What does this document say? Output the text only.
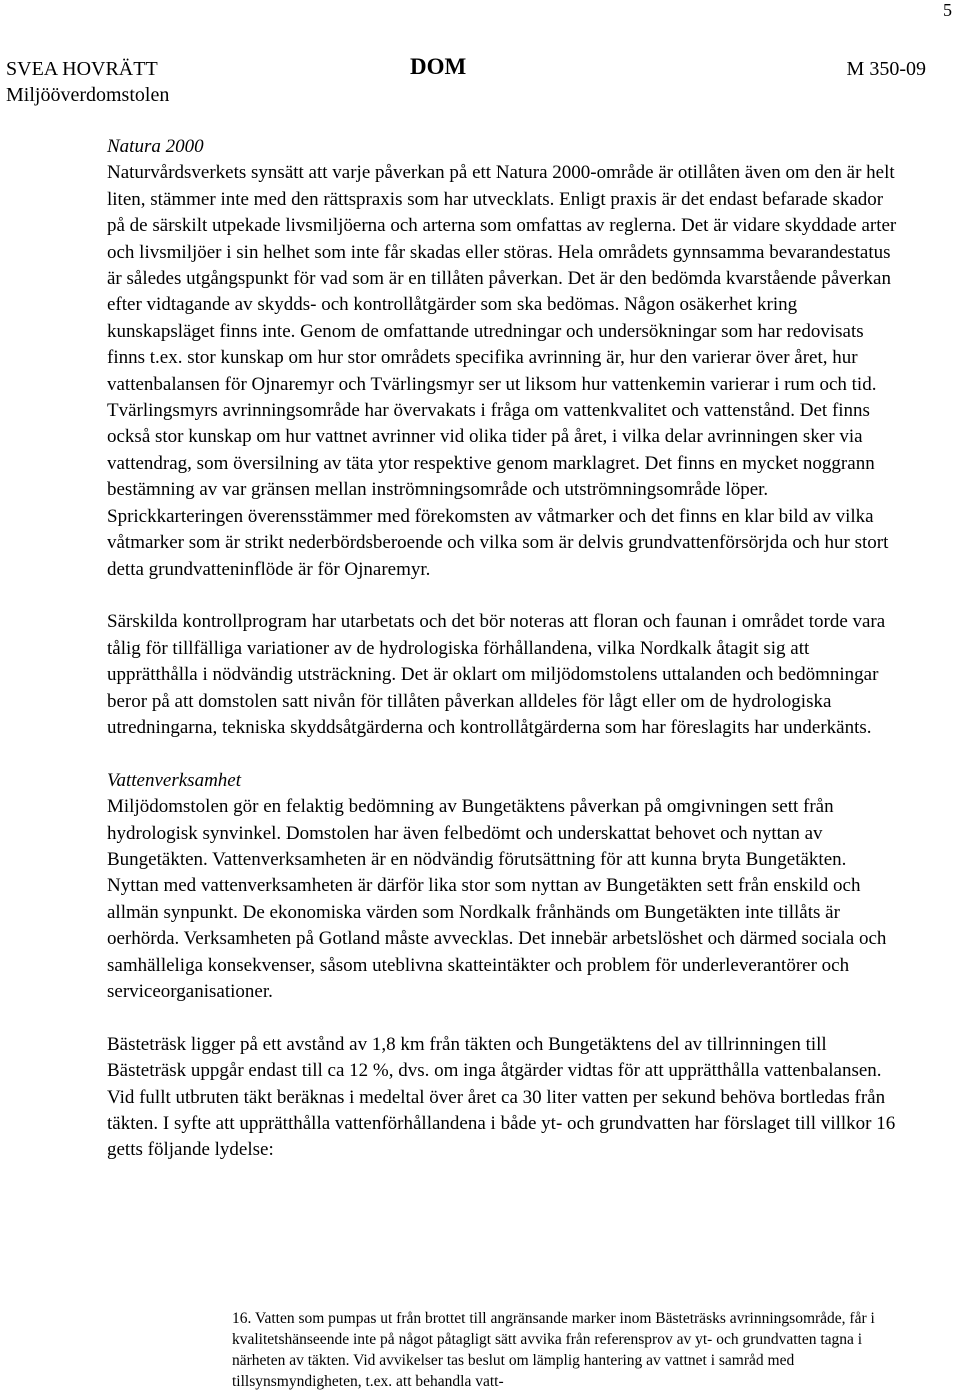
5
SVEA HOVRÄTT
Miljööverdomstolen
DOM	M 350-09

Natura 2000
Naturvårdsverkets synsätt att varje påverkan på ett Natura 2000-område är otillåten även om den är helt liten, stämmer inte med den rättspraxis som har utvecklats. Enligt praxis är det endast befarade skador på de särskilt utpekade livsmiljöerna och arterna som omfattas av reglerna. Det är vidare skyddade arter och livsmiljöer i sin helhet som inte får skadas eller störas. Hela områdets gynnsamma bevarandestatus är således utgångspunkt för vad som är en tillåten påverkan. Det är den bedömda kvarstående påverkan efter vidtagande av skydds- och kontrollåtgärder som ska bedömas. Någon osäkerhet kring kunskapsläget finns inte. Genom de omfattande utredningar och undersökningar som har redovisats finns t.ex. stor kunskap om hur stor områdets specifika avrinning är, hur den varierar över året, hur vattenbalansen för Ojnaremyr och Tvärlingsmyr ser ut liksom hur vattenkemin varierar i rum och tid. Tvärlingsmyrs avrinningsområde har övervakats i fråga om vattenkvalitet och vattenstånd. Det finns också stor kunskap om hur vattnet avrinner vid olika tider på året, i vilka delar avrinningen sker via vattendrag, som översilning av täta ytor respektive genom marklagret. Det finns en mycket noggrann bestämning av var gränsen mellan inströmningsområde och utströmningsområde löper. Sprickkarteringen överensstämmer med förekomsten av våtmarker och det finns en klar bild av vilka våtmarker som är strikt nederbördsberoende och vilka som är delvis grundvattenförsörjda och hur stort detta grundvatteninflöde är för Ojnaremyr.

Särskilda kontrollprogram har utarbetats och det bör noteras att floran och faunan i området torde vara tålig för tillfälliga variationer av de hydrologiska förhållandena, vilka Nordkalk åtagit sig att upprätthålla i nödvändig utsträckning. Det är oklart om miljödomstolens uttalanden och bedömningar beror på att domstolen satt nivån för tillåten påverkan alldeles för lågt eller om de hydrologiska utredningarna, tekniska skyddsåtgärderna och kontrollåtgärderna som har föreslagits har underkänts.

Vattenverksamhet
Miljödomstolen gör en felaktig bedömning av Bungetäktens påverkan på omgivningen sett från hydrologisk synvinkel. Domstolen har även felbedömt och underskattat behovet och nyttan av Bungetäkten. Vattenverksamheten är en nödvändig förutsättning för att kunna bryta Bungetäkten. Nyttan med vattenverksamheten är därför lika stor som nyttan av Bungetäkten sett från enskild och allmän synpunkt. De ekonomiska värden som Nordkalk frånhänds om Bungetäkten inte tillåts är oerhörda. Verksamheten på Gotland måste avvecklas. Det innebär arbetslöshet och därmed sociala och samhälleliga konsekvenser, såsom uteblivna skatteintäkter och problem för underleverantörer och serviceorganisationer.

Bästeträsk ligger på ett avstånd av 1,8 km från täkten och Bungetäktens del av tillrinningen till Bästeträsk uppgår endast till ca 12 %, dvs. om inga åtgärder vidtas för att upprätthålla vattenbalansen. Vid fullt utbruten täkt beräknas i medeltal över året ca 30 liter vatten per sekund behöva bortledas från täkten. I syfte att upprätthålla vattenförhållandena i både yt- och grundvatten har förslaget till villkor 16 getts följande lydelse:

16. Vatten som pumpas ut från brottet till angränsande marker inom Bästeträsks avrinningsområde, får i kvalitetshänseende inte på något påtagligt sätt avvika från referensprov av yt- och grundvatten tagna i närheten av täkten. Vid avvikelser tas beslut om lämplig hantering av vattnet i samråd med tillsynsmyndigheten, t.ex. att behandla vatt-
